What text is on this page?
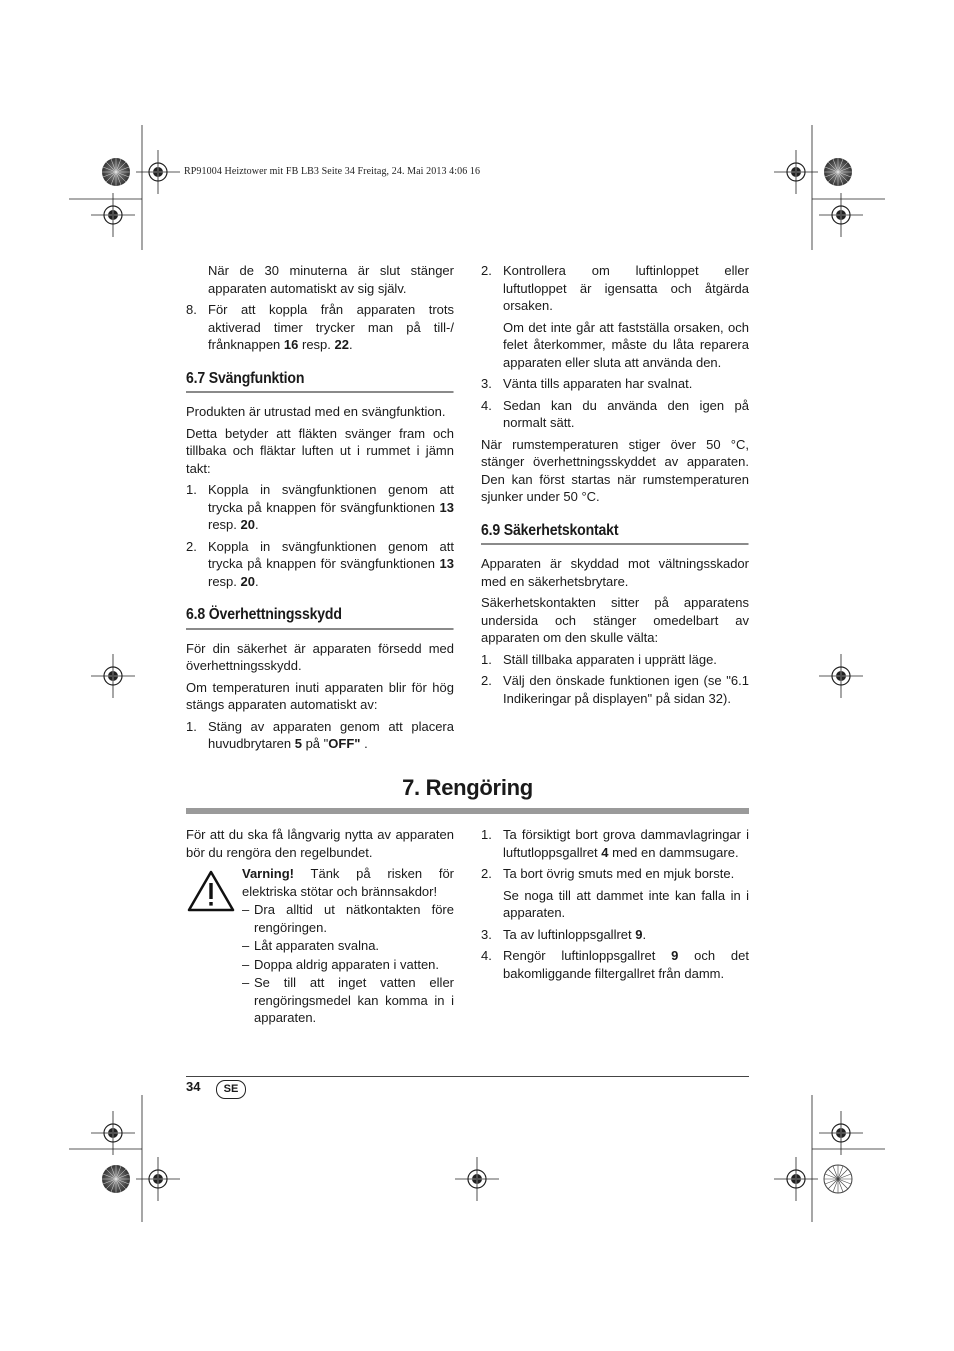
RP91004 Heiztower mit FB LB3 Seite 34 Freitag, 24. Mai 2013 4:06 16

När de 30 minuterna är slut stänger apparaten automatiskt av sig själv.

8. För att koppla från apparaten trots aktiverad timer trycker man på till-/ frånknappen 16 resp. 22.
6.7 Svängfunktion

Produkten är utrustad med en svängfunktion.

Detta betyder att fläkten svänger fram och tillbaka och fläktar luften ut i rummet i jämn takt:

1. Koppla in svängfunktionen genom att trycka på knappen för svängfunktionen 13 resp. 20.
2. Koppla in svängfunktionen genom att trycka på knappen för svängfunktionen 13 resp. 20.
6.8 Överhettningsskydd

För din säkerhet är apparaten försedd med överhettningsskydd.

Om temperaturen inuti apparaten blir för hög stängs apparaten automatiskt av:

1. Stäng av apparaten genom att placera huvudbrytaren 5 på "OFF" .
2. Kontrollera om luftinloppet eller luftutloppet är igensatta och åtgärda orsaken.

Om det inte går att fastställa orsaken, och felet återkommer, måste du låta reparera apparaten eller sluta att använda den.

3. Vänta tills apparaten har svalnat.
4. Sedan kan du använda den igen på normalt sätt.

När rumstemperaturen stiger över 50 °C, stänger överhettningsskyddet av apparaten. Den kan först startas när rumstemperaturen sjunker under 50 °C.

6.9 Säkerhetskontakt

Apparaten är skyddad mot vältningsskador med en säkerhetsbrytare.

Säkerhetskontakten sitter på apparatens undersida och stänger omedelbart av apparaten om den skulle välta:

1. Ställ tillbaka apparaten i upprätt läge.
2. Välj den önskade funktionen igen (se "6.1 Indikeringar på displayen" på sidan 32).
7. Rengöring

För att du ska få långvarig nytta av apparaten bör du rengöra den regelbundet.

Varning! Tänk på risken för elektriska stötar och brännsakdor!
– Dra alltid ut nätkontakten före rengöringen.
– Låt apparaten svalna.
– Doppa aldrig apparaten i vatten.
– Se till att inget vatten eller rengöringsmedel kan komma in i apparaten.
1. Ta försiktigt bort grova dammavlagringar i luftutloppsgallret 4 med en dammsugare.
2. Ta bort övrig smuts med en mjuk borste.

Se noga till att dammet inte kan falla in i apparaten.

3. Ta av luftinloppsgallret 9.
4. Rengör luftinloppsgallret 9 och det bakomliggande filtergallret från damm.
34	SE
